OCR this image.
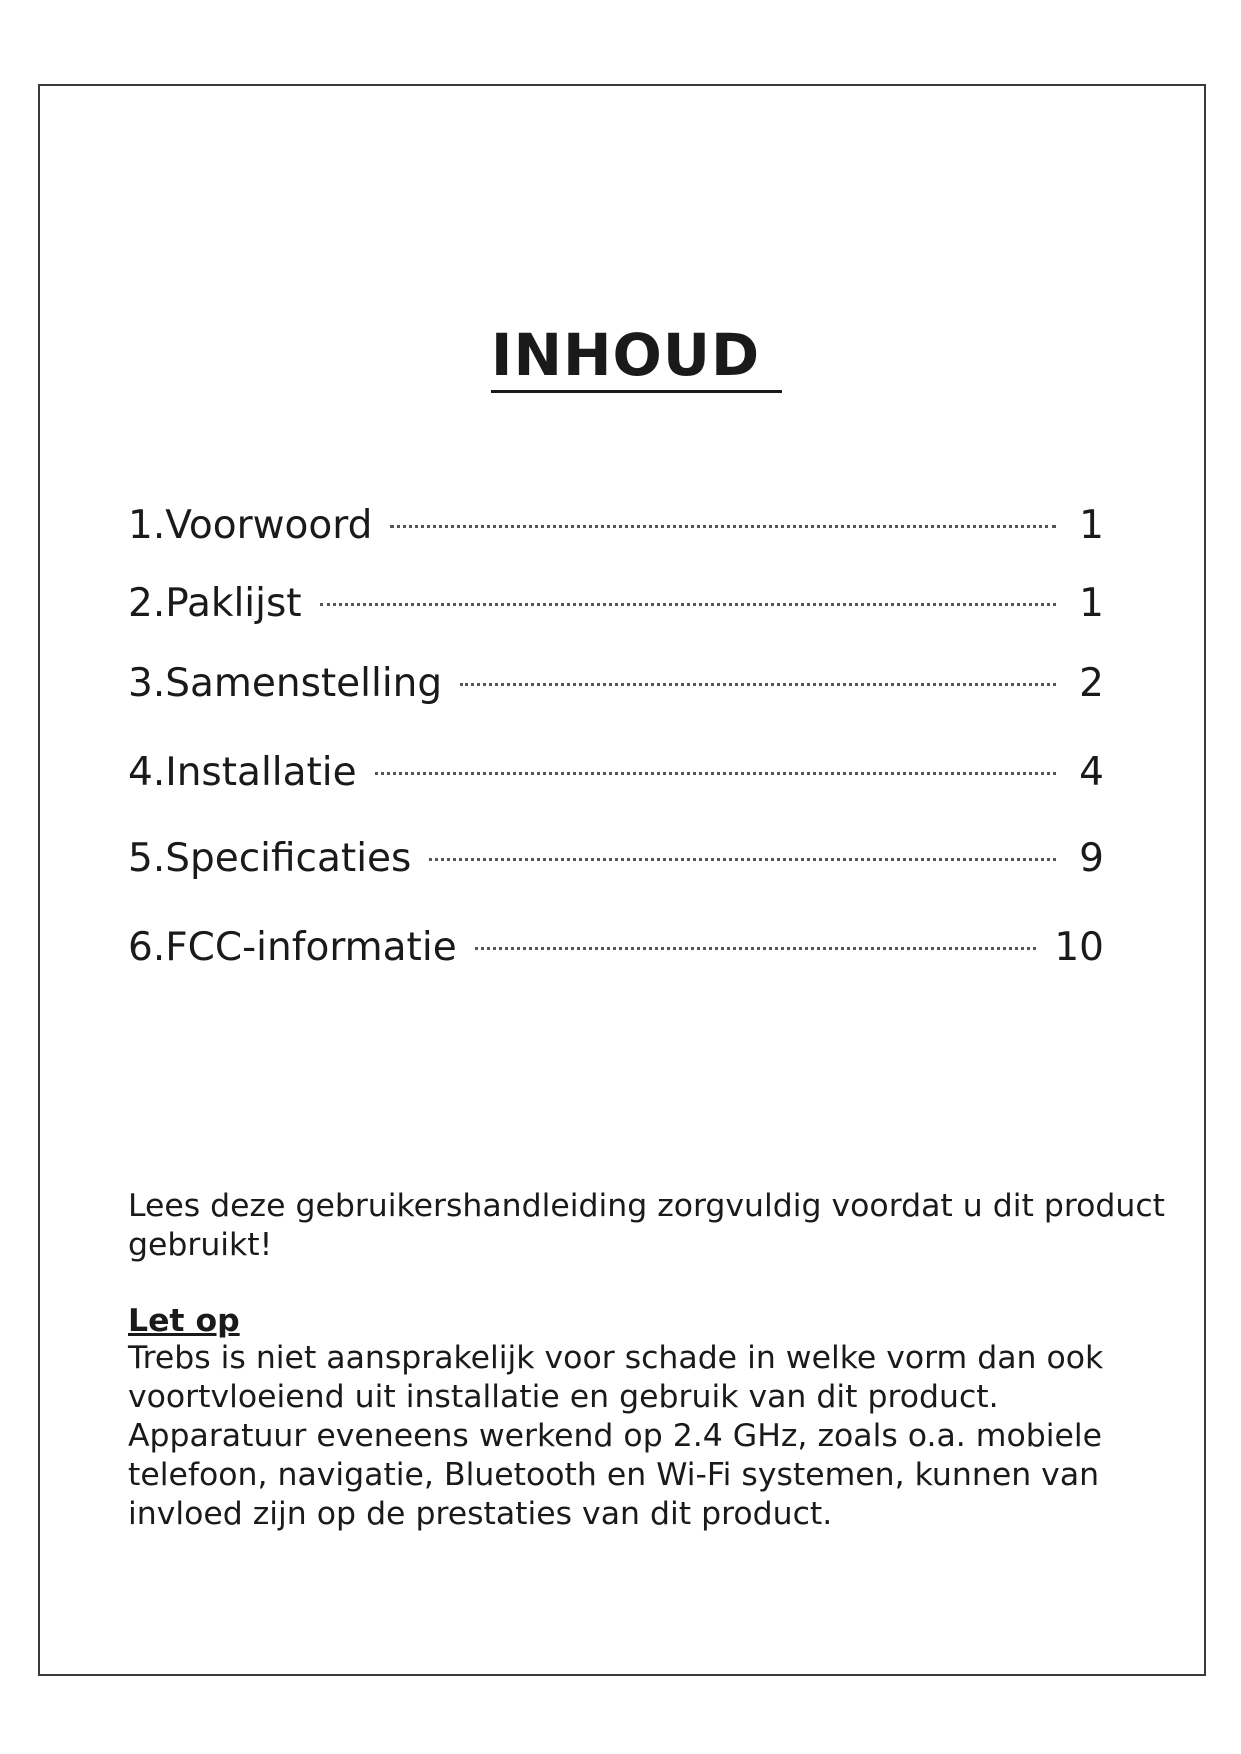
INHOUD
1.Voorwoord	1
2.Paklijst	1
3.Samenstelling	2
4.Installatie	4
5.Specificaties	9
6.FCC-informatie	10

Lees deze gebruikershandleiding zorgvuldig voordat u dit product gebruikt!

Let op

Trebs is niet aansprakelijk voor schade in welke vorm dan ook

voortvloeiend uit installatie en gebruik van dit product.

Apparatuur eveneens werkend op 2.4 GHz, zoals o.a. mobiele

telefoon, navigatie, Bluetooth en Wi-Fi systemen, kunnen van

invloed zijn op de prestaties van dit product.
